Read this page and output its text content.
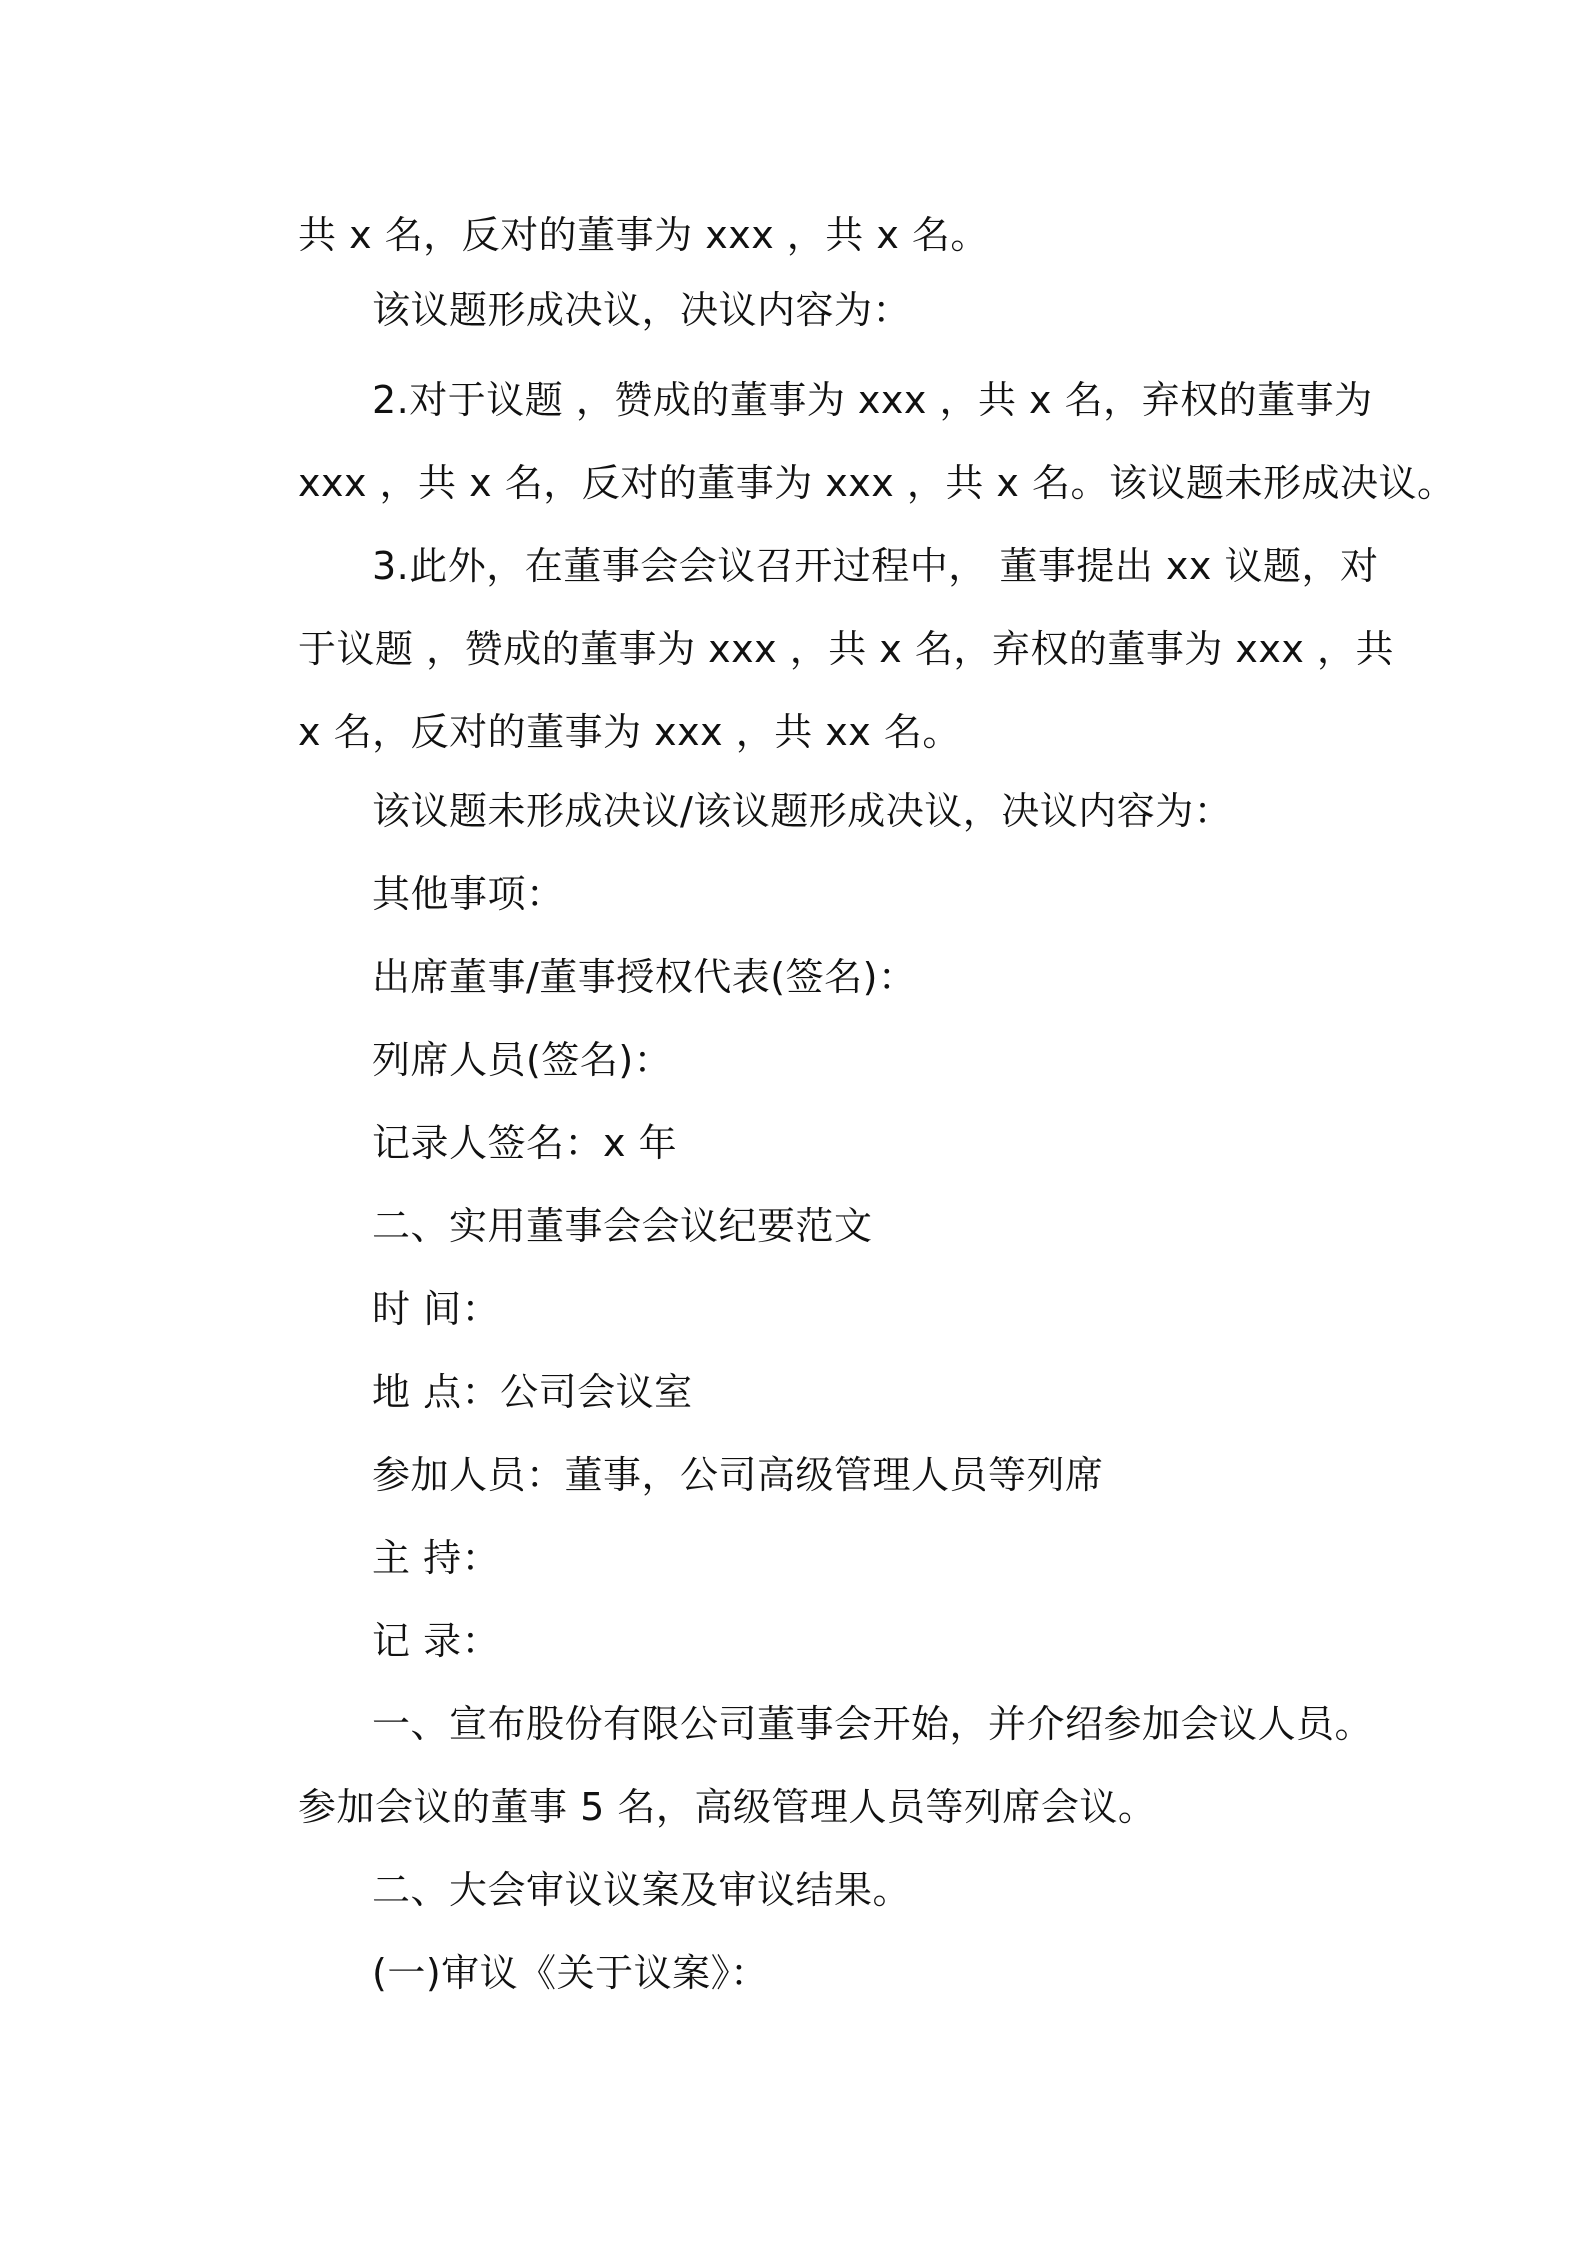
共 x 名，反对的董事为 xxx ，共 x 名。
该议题形成决议，决议内容为：
2.对于议题 ，赞成的董事为 xxx ，共 x 名，弃权的董事为
xxx ，共 x 名，反对的董事为 xxx ，共 x 名。该议题未形成决议。
3.此外，在董事会会议召开过程中， 董事提出 xx 议题，对
于议题 ，赞成的董事为 xxx ，共 x 名，弃权的董事为 xxx ，共
x 名，反对的董事为 xxx ，共 xx 名。
该议题未形成决议/该议题形成决议，决议内容为：
其他事项：
出席董事/董事授权代表(签名)：
列席人员(签名)：
记录人签名：x 年
二、实用董事会会议纪要范文
时 间：
地 点：公司会议室
参加人员：董事，公司高级管理人员等列席
主 持：
记 录：
一、宣布股份有限公司董事会开始，并介绍参加会议人员。
参加会议的董事 5 名，高级管理人员等列席会议。
二、大会审议议案及审议结果。
(一)审议《关于议案》：
